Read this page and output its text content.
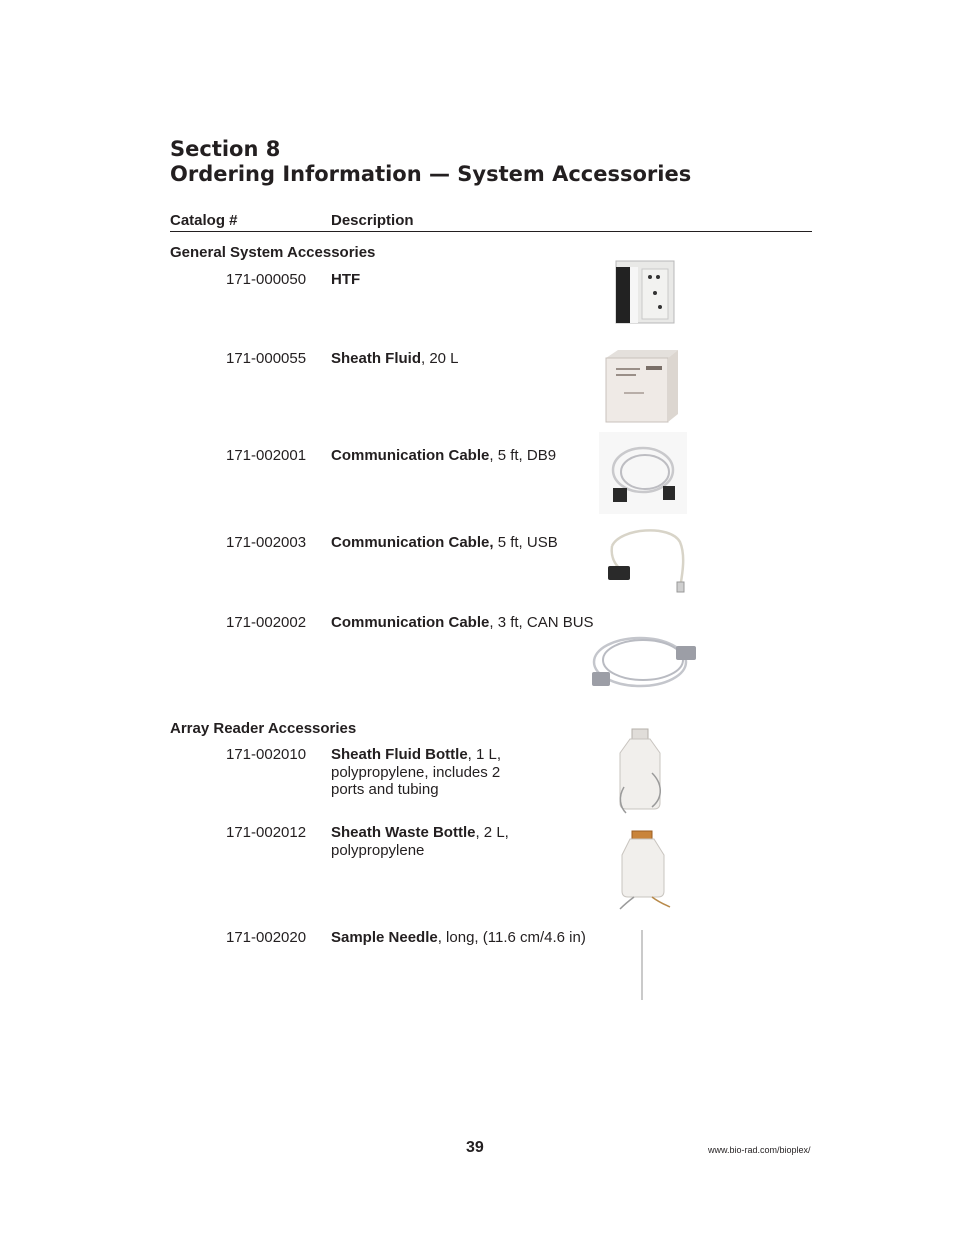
Section 8
Ordering Information — System Accessories
Catalog #	Description
General System Accessories
171-000050 HTF
171-000055 Sheath Fluid, 20 L
171-002001 Communication Cable, 5 ft, DB9
171-002003 Communication Cable, 5 ft, USB
171-002002 Communication Cable, 3 ft, CAN BUS
Array Reader Accessories
171-002010 Sheath Fluid Bottle, 1 L, polypropylene, includes 2 ports and tubing
171-002012 Sheath Waste Bottle, 2 L, polypropylene
171-002020 Sample Needle, long, (11.6 cm/4.6 in)
39	www.bio-rad.com/bioplex/
